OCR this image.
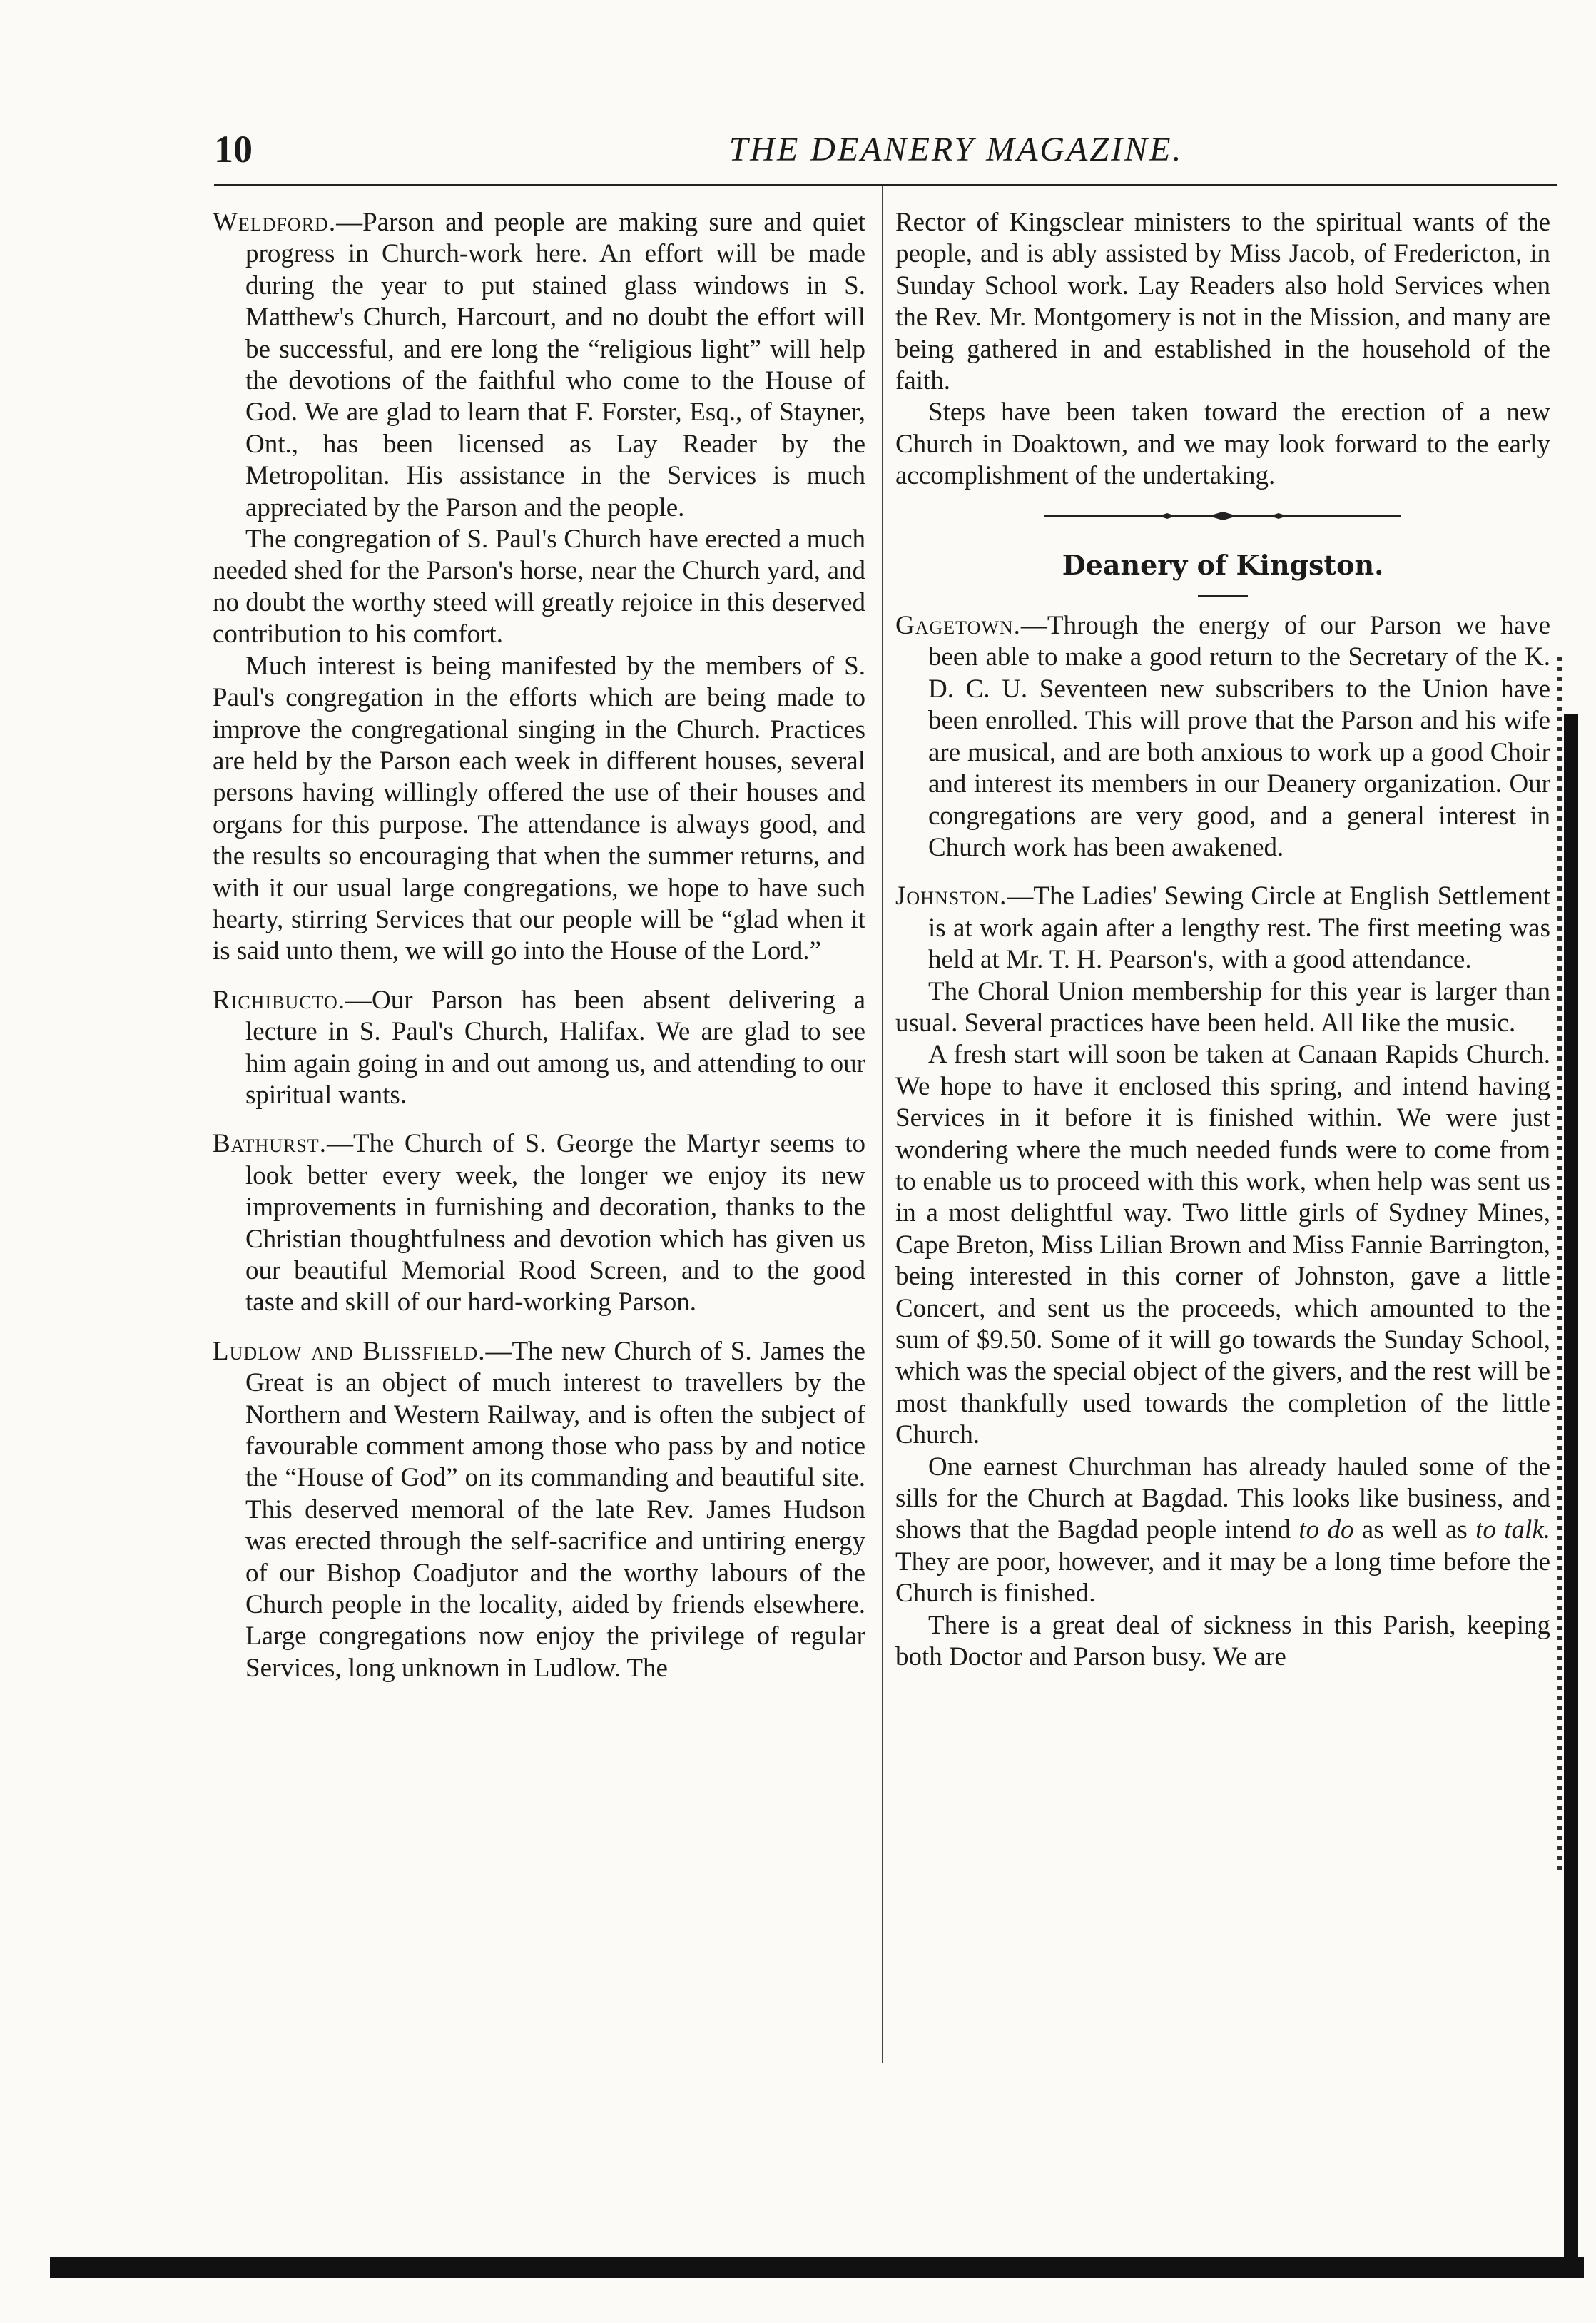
10	THE DEANERY MAGAZINE.

Weldford.—Parson and people are making sure and quiet progress in Church-work here. An effort will be made during the year to put stained glass windows in S. Matthew's Church, Harcourt, and no doubt the effort will be successful, and ere long the “religious light” will help the devotions of the faithful who come to the House of God. We are glad to learn that F. Forster, Esq., of Stayner, Ont., has been licensed as Lay Reader by the Metropolitan. His assistance in the Services is much appreciated by the Parson and the people.

The congregation of S. Paul's Church have erected a much needed shed for the Parson's horse, near the Church yard, and no doubt the worthy steed will greatly rejoice in this deserved contribution to his comfort.

Much interest is being manifested by the members of S. Paul's congregation in the efforts which are being made to improve the congregational singing in the Church. Practices are held by the Parson each week in different houses, several persons having willingly offered the use of their houses and organs for this purpose. The attendance is always good, and the results so encouraging that when the summer returns, and with it our usual large congregations, we hope to have such hearty, stirring Services that our people will be “glad when it is said unto them, we will go into the House of the Lord.”

Richibucto.—Our Parson has been absent delivering a lecture in S. Paul's Church, Halifax. We are glad to see him again going in and out among us, and attending to our spiritual wants.

Bathurst.—The Church of S. George the Martyr seems to look better every week, the longer we enjoy its new improvements in furnishing and decoration, thanks to the Christian thoughtfulness and devotion which has given us our beautiful Memorial Rood Screen, and to the good taste and skill of our hard-working Parson.

Ludlow and Blissfield.—The new Church of S. James the Great is an object of much interest to travellers by the Northern and Western Railway, and is often the subject of favourable comment among those who pass by and notice the “House of God” on its commanding and beautiful site. This deserved memoral of the late Rev. James Hudson was erected through the self-sacrifice and untiring energy of our Bishop Coadjutor and the worthy labours of the Church people in the locality, aided by friends elsewhere. Large congregations now enjoy the privilege of regular Services, long unknown in Ludlow. The

Rector of Kingsclear ministers to the spiritual wants of the people, and is ably assisted by Miss Jacob, of Fredericton, in Sunday School work. Lay Readers also hold Services when the Rev. Mr. Montgomery is not in the Mission, and many are being gathered in and established in the household of the faith.

Steps have been taken toward the erection of a new Church in Doaktown, and we may look forward to the early accomplishment of the undertaking.

Deanery of Kingston.

Gagetown.—Through the energy of our Parson we have been able to make a good return to the Secretary of the K. D. C. U. Seventeen new subscribers to the Union have been enrolled. This will prove that the Parson and his wife are musical, and are both anxious to work up a good Choir and interest its members in our Deanery organization. Our congregations are very good, and a general interest in Church work has been awakened.

Johnston.—The Ladies' Sewing Circle at English Settlement is at work again after a lengthy rest. The first meeting was held at Mr. T. H. Pearson's, with a good attendance.

The Choral Union membership for this year is larger than usual. Several practices have been held. All like the music.

A fresh start will soon be taken at Canaan Rapids Church. We hope to have it enclosed this spring, and intend having Services in it before it is finished within. We were just wondering where the much needed funds were to come from to enable us to proceed with this work, when help was sent us in a most delightful way. Two little girls of Sydney Mines, Cape Breton, Miss Lilian Brown and Miss Fannie Barrington, being interested in this corner of Johnston, gave a little Concert, and sent us the proceeds, which amounted to the sum of $9.50. Some of it will go towards the Sunday School, which was the special object of the givers, and the rest will be most thankfully used towards the completion of the little Church.

One earnest Churchman has already hauled some of the sills for the Church at Bagdad. This looks like business, and shows that the Bagdad people intend to do as well as to talk. They are poor, however, and it may be a long time before the Church is finished.

There is a great deal of sickness in this Parish, keeping both Doctor and Parson busy. We are
